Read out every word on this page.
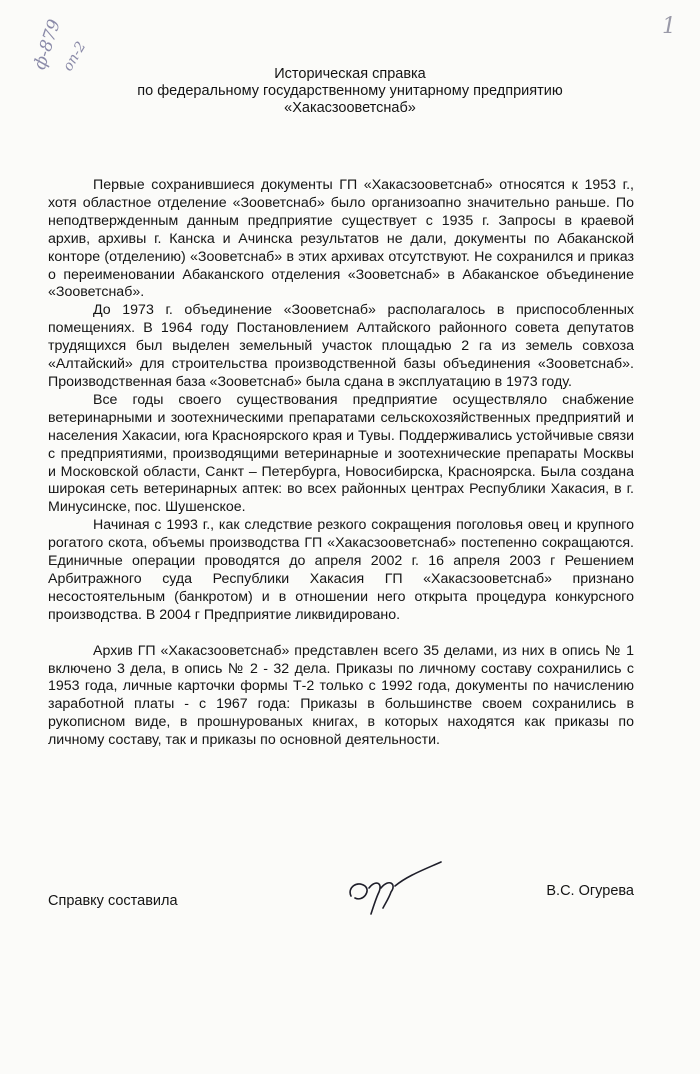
ф-879
оп-2
1
Историческая справка
по федеральному государственному унитарному предприятию
«Хакасзооветснаб»

Первые сохранившиеся документы ГП «Хакасзооветснаб» относятся к 1953 г., хотя областное отделение «Зооветснаб» было организоапно значительно раньше. По неподтвержденным данным предприятие существует с 1935 г. Запросы в краевой архив, архивы г. Канска и Ачинска результатов не дали, документы по Абаканской конторе (отделению) «Зооветснаб» в этих архивах отсутствуют. Не сохранился и приказ о переименовании Абаканского отделения «Зооветснаб» в Абаканское объединение «Зооветснаб».

До 1973 г. объединение «Зооветснаб» располагалось в приспособленных помещениях. В 1964 году Постановлением Алтайского районного совета депутатов трудящихся был выделен земельный участок площадью 2 га из земель совхоза «Алтайский» для строительства производственной базы объединения «Зооветснаб». Производственная база «Зооветснаб» была сдана в эксплуатацию в 1973 году.

Все годы своего существования предприятие осуществляло снабжение ветеринарными и зоотехническими препаратами сельскохозяйственных предприятий и населения Хакасии, юга Красноярского края и Тувы. Поддерживались устойчивые связи с предприятиями, производящими ветеринарные и зоотехнические препараты Москвы и Московской области, Санкт – Петербурга, Новосибирска, Красноярска. Была создана широкая сеть ветеринарных аптек: во всех районных центрах Республики Хакасия, в г. Минусинске, пос. Шушенское.

Начиная с 1993 г., как следствие резкого сокращения поголовья овец и крупного рогатого скота, объемы производства ГП «Хакасзооветснаб» постепенно сокращаются. Единичные операции проводятся до апреля 2002 г. 16 апреля 2003 г Решением Арбитражного суда Республики Хакасия ГП «Хакасзооветснаб» признано несостоятельным (банкротом) и в отношении него открыта процедура конкурсного производства. В 2004 г Предприятие ликвидировано.

Архив ГП «Хакасзооветснаб» представлен всего 35 делами, из них в опись № 1 включено 3 дела, в опись № 2 - 32 дела. Приказы по личному составу сохранились с 1953 года, личные карточки формы Т-2 только с 1992 года, документы по начислению заработной платы - с 1967 года: Приказы в большинстве своем сохранились в рукописном виде, в прошнурованых книгах, в которых находятся как приказы по личному составу, так и приказы по основной деятельности.

Справку составила
В.С. Огурева
